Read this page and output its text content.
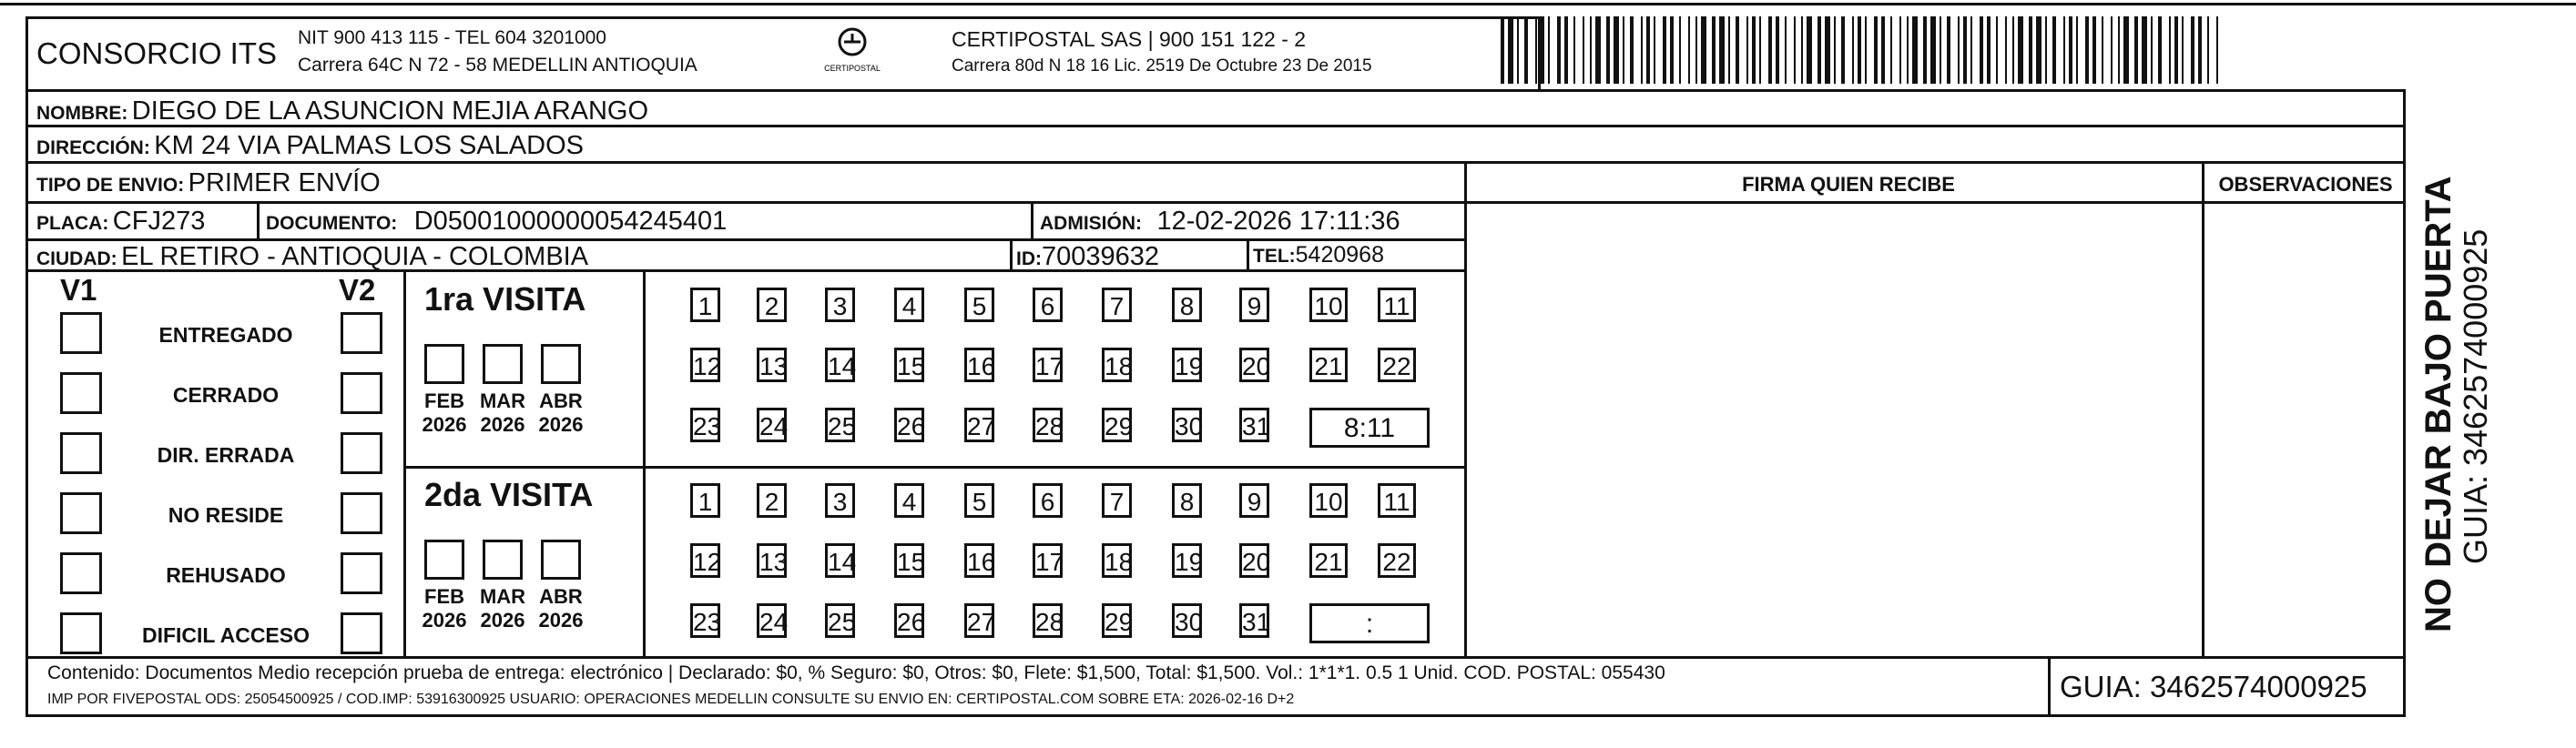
CONSORCIO ITS NIT 900 413 115 - TEL 604 3201000
Carrera 64C N 72 - 58 MEDELLIN ANTIOQUIA	CERTIPOSTAL
CERTIPOSTAL SAS | 900 151 122 - 2
Carrera 80d N 18 16 Lic. 2519 De Octubre 23 De 2015
NOMBRE: DIEGO DE LA ASUNCION MEJIA ARANGO
DIRECCIÓN: KM 24 VIA PALMAS LOS SALADOS
TIPO DE ENVIO: PRIMER ENVÍO	FIRMA QUIEN RECIBE	OBSERVACIONES
PLACA: CFJ273	DOCUMENTO: D05001000000054245401	ADMISIÓN: 12-02-2026 17:11:36
CIUDAD: EL RETIRO - ANTIOQUIA - COLOMBIA	ID:70039632	TEL:5420968
V1	V2
ENTREGADO
CERRADO
DIR. ERRADA
NO RESIDE
REHUSADO
DIFICIL ACCESO
1ra VISITA
FEB
2026
MAR
2026
ABR
2026
1	2	3	4	5	6	7	8	9	10 11
12 13 14 15 16 17 18 19 20 21 22
23 24 25 26 27 28 29 30 31	8:11
2da VISITA
FEB
2026
MAR
2026
ABR
2026
1	2	3	4	5	6	7	8	9	10 11
12 13 14 15 16 17 18 19 20 21 22
23 24 25 26 27 28 29 30 31	:
Contenido: Documentos Medio recepción prueba de entrega: electrónico | Declarado: $0, % Seguro: $0, Otros: $0, Flete: $1,500, Total: $1,500. Vol.: 1*1*1. 0.5 1 Unid. COD. POSTAL: 055430
IMP POR FIVEPOSTAL ODS: 25054500925 / COD.IMP: 53916300925 USUARIO: OPERACIONES MEDELLIN CONSULTE SU ENVIO EN: CERTIPOSTAL.COM SOBRE ETA: 2026-02-16 D+2	GUIA: 3462574000925
NO DEJAR BAJO PUERTA
GUIA: 3462574000925
